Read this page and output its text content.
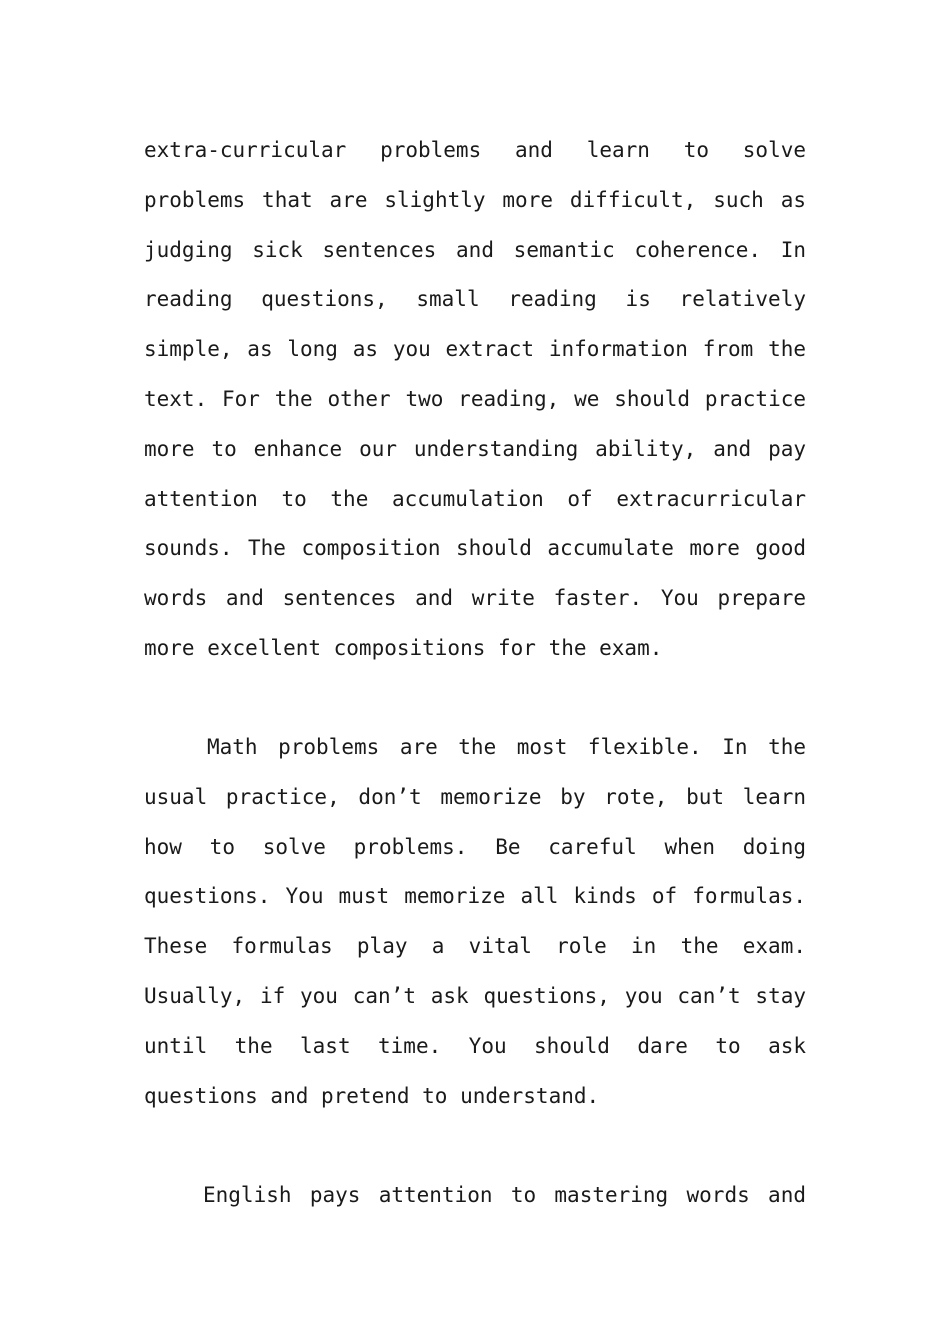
extra-curricular problems and learn to solve problems that are slightly more difficult, such as judging sick sentences and semantic coherence. In reading questions, small reading is relatively simple, as long as you extract information from the text. For the other two reading, we should practice more to enhance our understanding ability, and pay attention to the accumulation of extracurricular sounds. The composition should accumulate more good words and sentences and write faster. You prepare more excellent compositions for the exam.

Math problems are the most flexible. In the usual practice, don’t memorize by rote, but learn how to solve problems. Be careful when doing questions. You must memorize all kinds of formulas. These formulas play a vital role in the exam. Usually, if you can’t ask questions, you can’t stay until the last time. You should dare to ask questions and pretend to understand.

English pays attention to mastering words and
